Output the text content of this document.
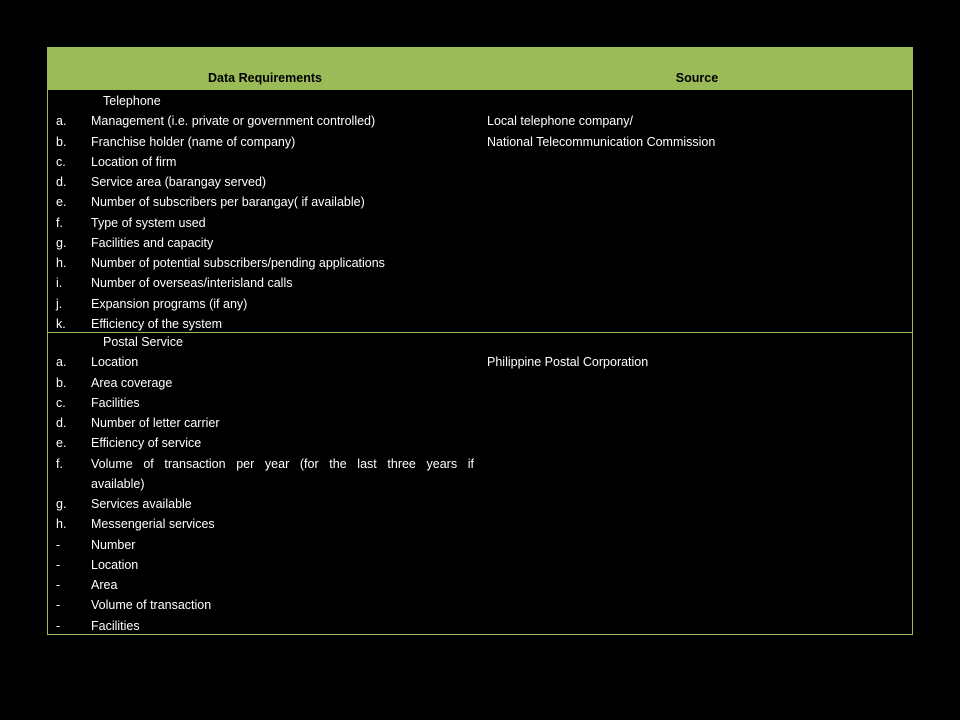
Data Requirements	Source
Telephone
a. Management (i.e. private or government controlled)
b. Franchise holder (name of company)
c. Location of firm
d. Service area (barangay served)
e. Number of subscribers per barangay( if available)
f. Type of system used
g. Facilities and capacity
h. Number of potential subscribers/pending applications
i. Number of overseas/interisland calls
j. Expansion programs (if any)
k. Efficiency of the system
Local telephone company/
National Telecommunication Commission
Postal Service
a. Location
b. Area coverage
c. Facilities
d. Number of letter carrier
e. Efficiency of service
f. Volume of transaction per year (for the last three years if
available)
g. Services available
h. Messengerial services
- Number
- Location
- Area
- Volume of transaction
- Facilities
Philippine Postal Corporation
